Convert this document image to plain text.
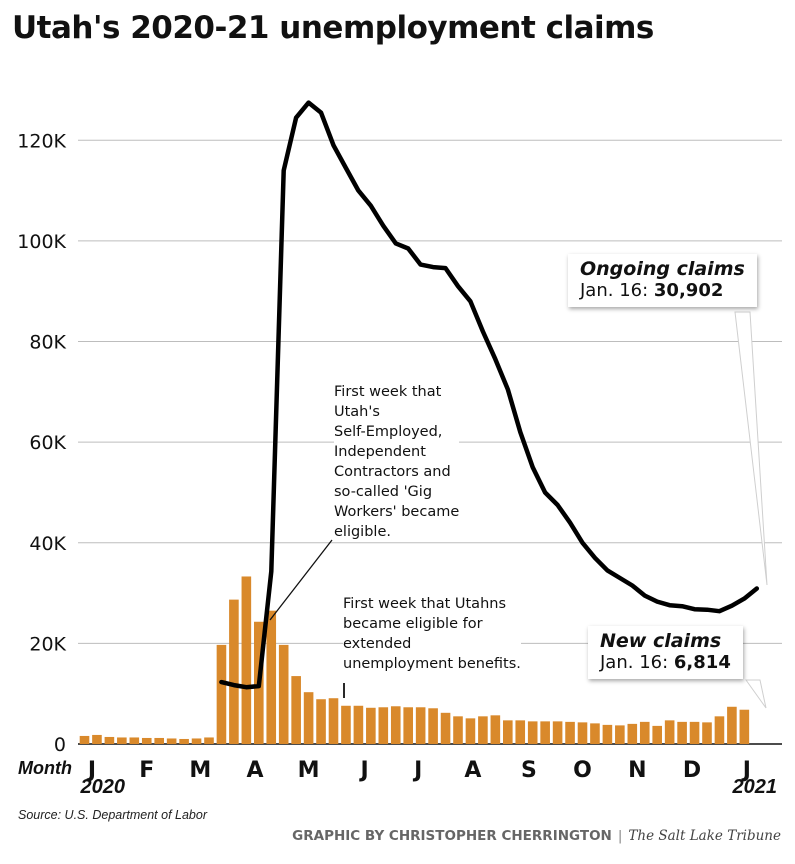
Utah's 2020-21 unemployment claims
0
20K
40K
60K
80K
100K
120K
Month J F M A M J J A S O N D J
First week that
Utah's
Self-Employed,
Independent
Contractors and
so-called 'Gig
Workers' became
eligible.
First week that Utahns
became eligible for
extended
unemployment benefits.
Ongoing claims
Jan. 16: 30,902
New claims
Jan. 16: 6,814
2020	2021
Source: U.S. Department of Labor
GRAPHIC BY CHRISTOPHER CHERRINGTON | The Salt Lake Tribune
